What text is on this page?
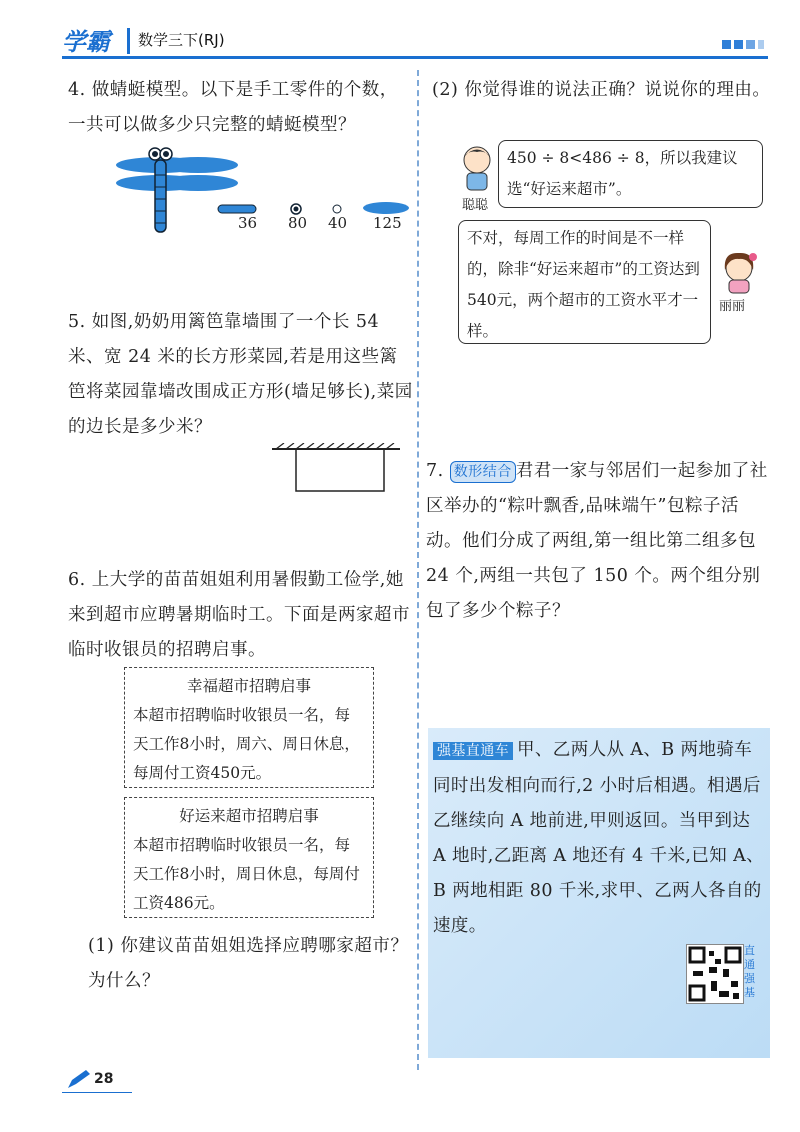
学霸 数学三下(RJ)
4. 做蜻蜓模型。以下是手工零件的个数，一共可以做多少只完整的蜻蜓模型？
36 80 40 125
5. 如图,奶奶用篱笆靠墙围了一个长 54 米、宽 24 米的长方形菜园,若是用这些篱笆将菜园靠墙改围成正方形(墙足够长),菜园的边长是多少米？
6. 上大学的苗苗姐姐利用暑假勤工俭学,她来到超市应聘暑期临时工。下面是两家超市临时收银员的招聘启事。
幸福超市招聘启事
本超市招聘临时收银员一名，每天工作8小时，周六、周日休息，每周付工资450元。
好运来超市招聘启事
本超市招聘临时收银员一名，每天工作8小时，周日休息，每周付工资486元。
(1) 你建议苗苗姐姐选择应聘哪家超市？为什么？
(2) 你觉得谁的说法正确？说说你的理由。
聪聪
450 ÷ 8<486 ÷ 8，所以我建议选“好运来超市”。
不对，每周工作的时间是不一样的，除非“好运来超市”的工资达到540元，两个超市的工资水平才一样。
丽丽
7. 数形结合 君君一家与邻居们一起参加了社区举办的“粽叶飘香,品味端午”包粽子活动。他们分成了两组,第一组比第二组多包 24 个,两组一共包了 150 个。两个组分别包了多少个粽子？
强基直通车 甲、乙两人从 A、B 两地骑车同时出发相向而行,2 小时后相遇。相遇后乙继续向 A 地前进,甲则返回。当甲到达 A 地时,乙距离 A 地还有 4 千米,已知 A、B 两地相距 80 千米,求甲、乙两人各自的速度。
直通强基
28
